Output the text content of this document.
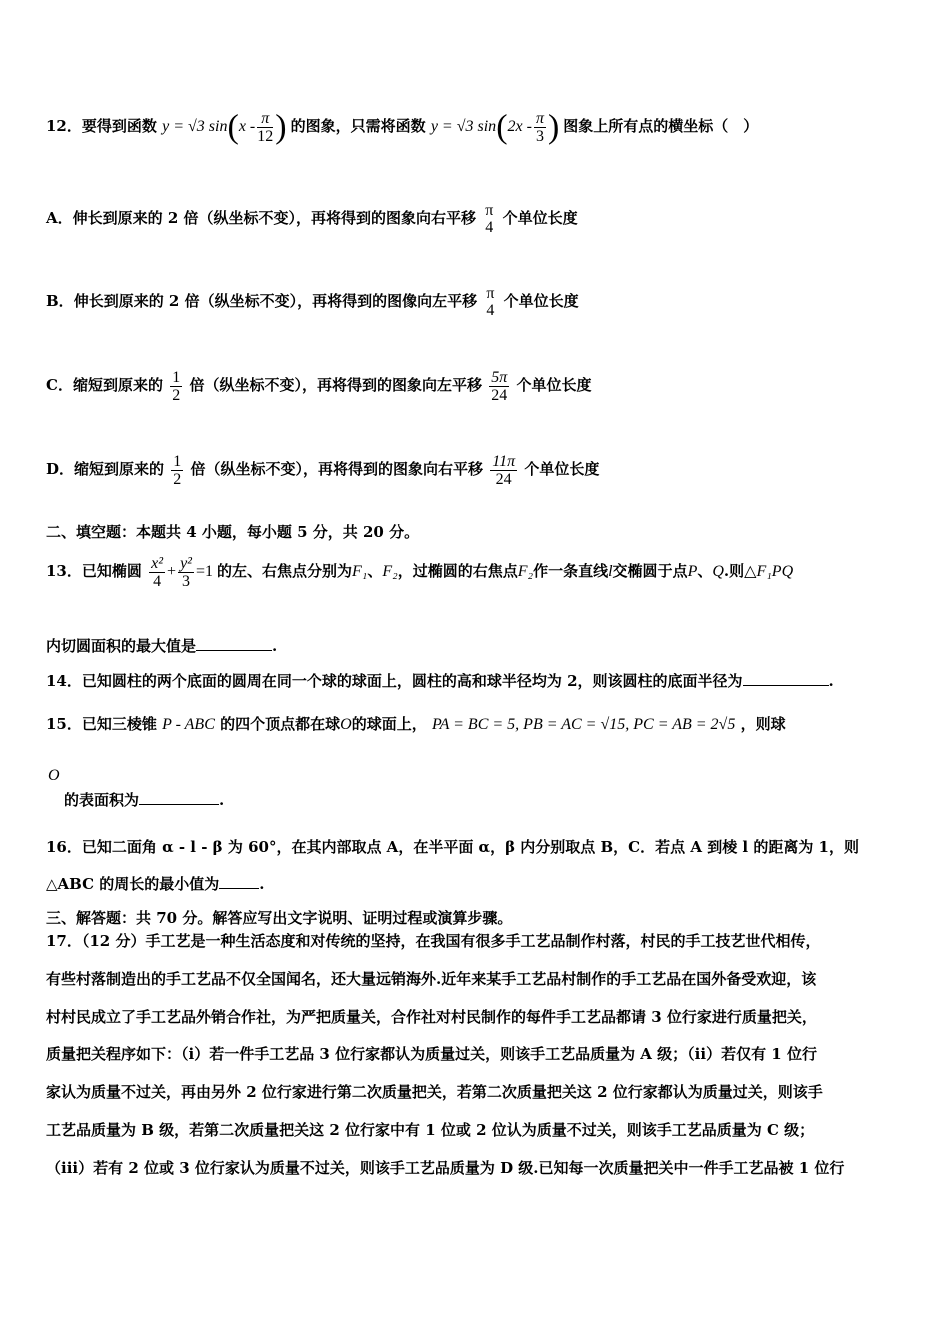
12．要得到函数 y = √3 $\sin(x - \frac{\pi}{12}$ ) 的图象，只需将函数 y = √3 $\sin(2x - \frac{\pi}{3}$ ) 图象上所有点的横坐标（　）
A．伸长到原来的 2 倍（纵坐标不变），再将得到的图象向右平移 π
4
个单位长度
B．伸长到原来的 2 倍（纵坐标不变），再将得到的图像向左平移 π
4
个单位长度
C．缩短到原来的 $\frac{1}{2}$ 倍（纵坐标不变），再将得到的图象向左平移 $\frac{5\pi}{24}$ 个单位长度
D．缩短到原来的 $\frac{1}{2}$ 倍（纵坐标不变），再将得到的图象向右平移 $\frac{11\pi}{24}$ 个单位长度
二、填空题：本题共 4 小题，每小题 5 分，共 20 分。
13．已知椭圆 $\frac{\text{x²}}{4} + \frac{\text{y²}}{3} =1$ 的左、右焦点分别为F₁、F₂，过椭圆的右焦点F₂作一条直线l交椭圆于点P、Q.则△F₁PQ
内切圆面积的最大值是	.
14．已知圆柱的两个底面的圆周在同一个球的球面上，圆柱的高和球半径均为 2，则该圆柱的底面半径为	.
15．已知三棱锥 P - ABC 的四个顶点都在球O的球面上， PA = BC = 5, PB = AC = √15, PC = AB = 2√5 ，则球
O
的表面积为	.
16．已知二面角 α - l - β 为 60°，在其内部取点 A，在半平面 α，β 内分别取点 B，C．若点 A 到棱 l 的距离为 1，则
△ABC 的周长的最小值为	.
三、解答题：共 70 分。解答应写出文字说明、证明过程或演算步骤。
17．（12 分）手工艺是一种生活态度和对传统的坚持，在我国有很多手工艺品制作村落，村民的手工技艺世代相传，
有些村落制造出的手工艺品不仅全国闻名，还大量远销海外.近年来某手工艺品村制作的手工艺品在国外备受欢迎，该
村村民成立了手工艺品外销合作社，为严把质量关，合作社对村民制作的每件手工艺品都请 3 位行家进行质量把关，
质量把关程序如下：（i）若一件手工艺品 3 位行家都认为质量过关，则该手工艺品质量为 A 级；（ii）若仅有 1 位行
家认为质量不过关，再由另外 2 位行家进行第二次质量把关，若第二次质量把关这 2 位行家都认为质量过关，则该手
工艺品质量为 B 级，若第二次质量把关这 2 位行家中有 1 位或 2 位认为质量不过关，则该手工艺品质量为 C 级；
（iii）若有 2 位或 3 位行家认为质量不过关，则该手工艺品质量为 D 级.已知每一次质量把关中一件手工艺品被 1 位行
